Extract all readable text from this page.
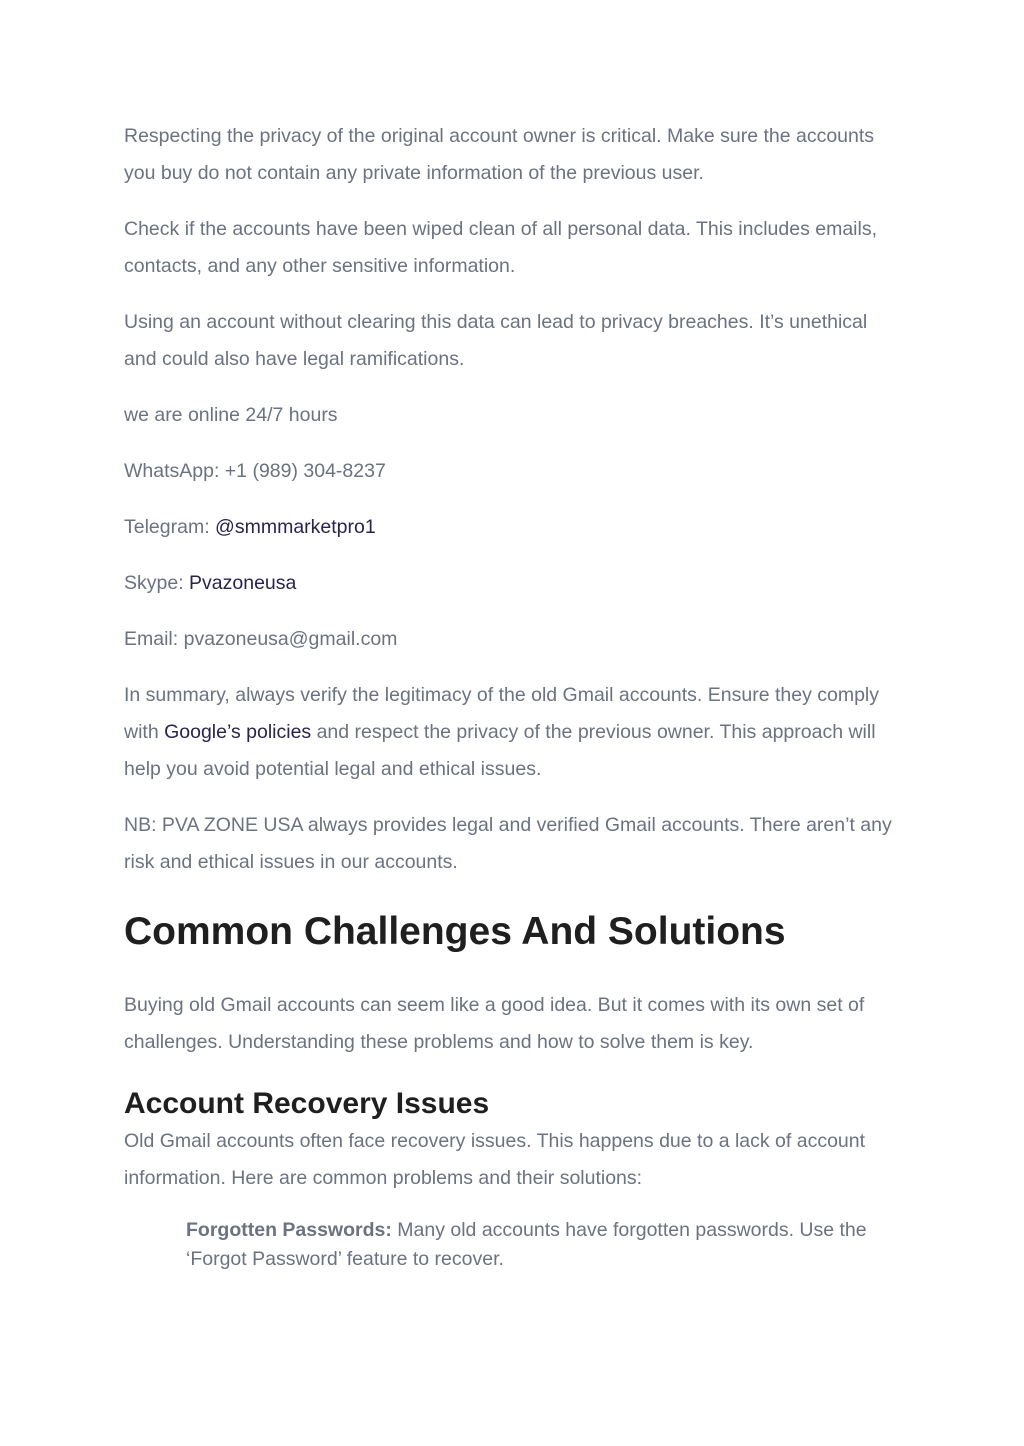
Respecting the privacy of the original account owner is critical. Make sure the accounts you buy do not contain any private information of the previous user.

Check if the accounts have been wiped clean of all personal data. This includes emails, contacts, and any other sensitive information.

Using an account without clearing this data can lead to privacy breaches. It’s unethical and could also have legal ramifications.

we are online 24/7 hours

WhatsApp: +1 (989) 304-8237

Telegram: @smmmarketpro1

Skype: Pvazoneusa

Email: pvazoneusa@gmail.com

In summary, always verify the legitimacy of the old Gmail accounts. Ensure they comply with Google’s policies and respect the privacy of the previous owner. This approach will help you avoid potential legal and ethical issues.

NB: PVA ZONE USA always provides legal and verified Gmail accounts. There aren’t any risk and ethical issues in our accounts.

Common Challenges And Solutions

Buying old Gmail accounts can seem like a good idea. But it comes with its own set of challenges. Understanding these problems and how to solve them is key.

Account Recovery Issues

Old Gmail accounts often face recovery issues. This happens due to a lack of account information. Here are common problems and their solutions:

Forgotten Passwords: Many old accounts have forgotten passwords. Use the ‘Forgot Password’ feature to recover.
